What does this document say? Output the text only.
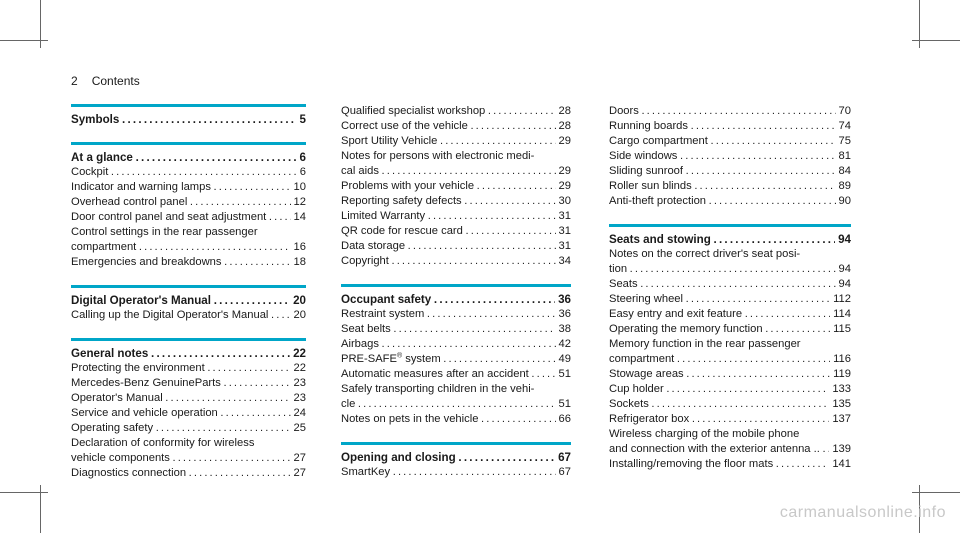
2 Contents
Symbols . . .	5
At a glance . . .	6
Cockpit . . .	6
Indicator and warning lamps . . .	10
Overhead control panel . . .	12
Door control panel and seat adjustment . . .	14
Control settings in the rear passenger
compartment . . .	16
Emergencies and breakdowns . . .	18
Digital Operator's Manual . . .	20
Calling up the Digital Operator's Manual . . .	20
General notes . . .	22
Protecting the environment . . .	22
Mercedes-Benz GenuineParts . . .	23
Operator's Manual . . .	23
Service and vehicle operation . . .	24
Operating safety . . .	25
Declaration of conformity for wireless
vehicle components . . .	27
Diagnostics connection . . .	27
Qualified specialist workshop . . .	28
Correct use of the vehicle . . .	28
Sport Utility Vehicle . . .	29
Notes for persons with electronic medi-
cal aids . . .	29
Problems with your vehicle . . .	29
Reporting safety defects . . .	30
Limited Warranty . . .	31
QR code for rescue card . . .	31
Data storage . . .	31
Copyright . . .	34
Occupant safety . . .	36
Restraint system . . .	36
Seat belts . . .	38
Airbags . . .	42
PRE-SAFE® system . . .	49
Automatic measures after an accident . . .	51
Safely transporting children in the vehi-
cle . . .	51
Notes on pets in the vehicle . . .	66
Opening and closing . . .	67
SmartKey . . .	67
Doors . . .	70
Running boards . . .	74
Cargo compartment . . .	75
Side windows . . .	81
Sliding sunroof . . .	84
Roller sun blinds . . .	89
Anti-theft protection . . .	90
Seats and stowing . . .	94
Notes on the correct driver's seat posi-
tion . . .	94
Seats . . .	94
Steering wheel . . .	112
Easy entry and exit feature . . .	114
Operating the memory function . . .	115
Memory function in the rear passenger
compartment . . .	116
Stowage areas . . .	119
Cup holder . . .	133
Sockets . . .	135
Refrigerator box . . .	137
Wireless charging of the mobile phone
and connection with the exterior antenna .. . . .	139
Installing/removing the floor mats . . .	141
carmanualsonline.info
